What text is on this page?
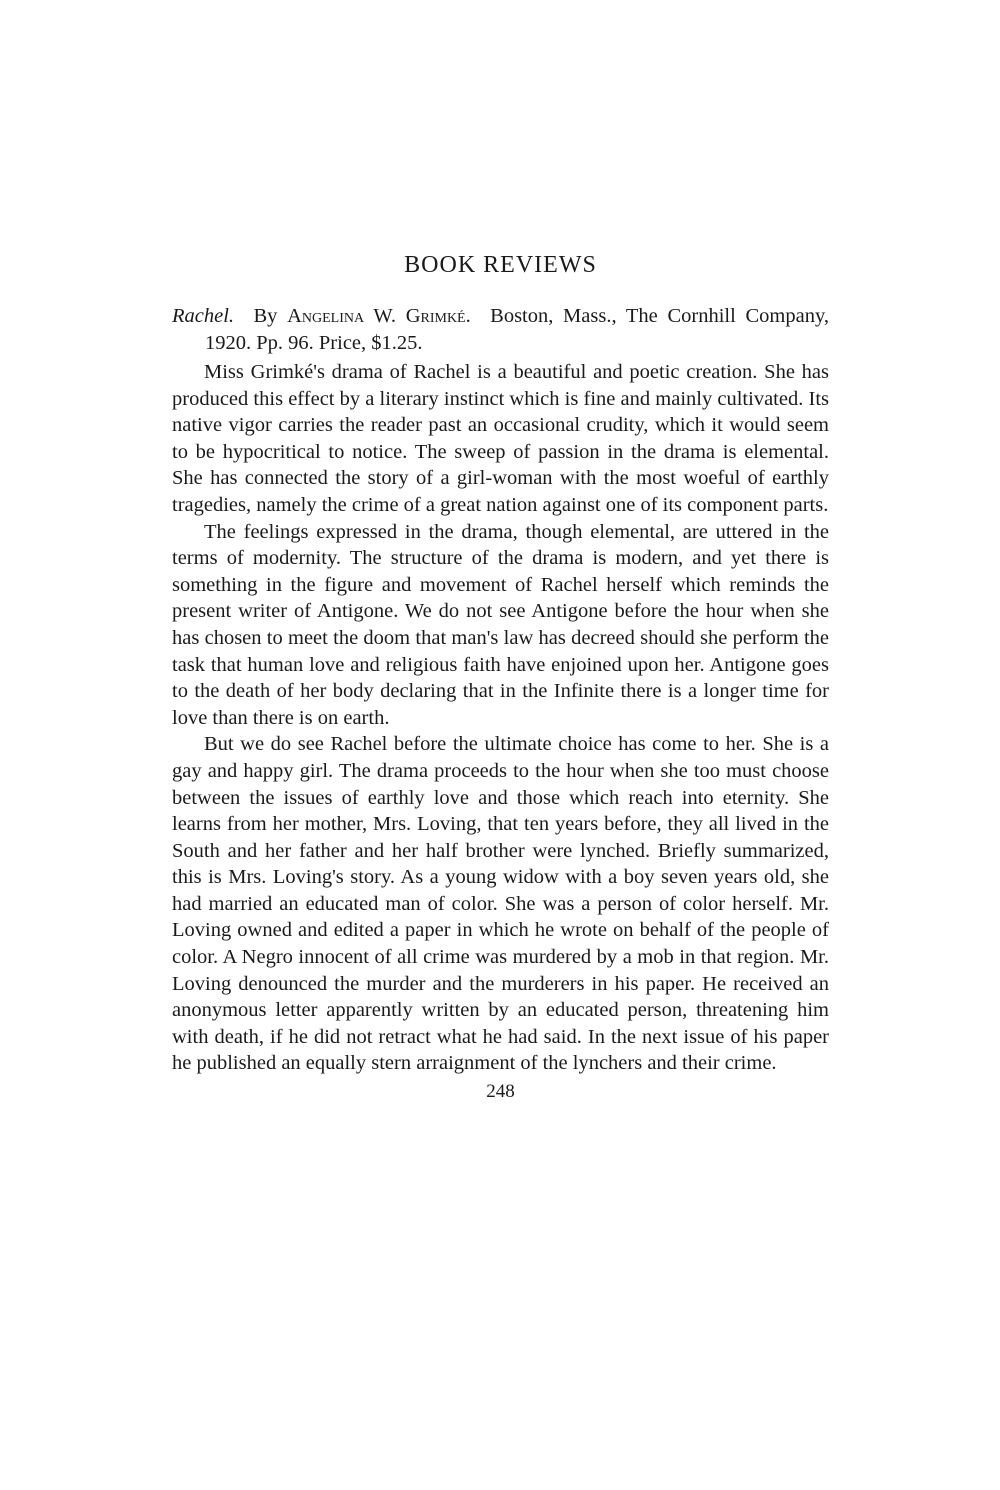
BOOK REVIEWS

Rachel. By Angelina W. Grimké. Boston, Mass., The Cornhill Company, 1920. Pp. 96. Price, $1.25.

Miss Grimké's drama of Rachel is a beautiful and poetic creation. She has produced this effect by a literary instinct which is fine and mainly cultivated. Its native vigor carries the reader past an occasional crudity, which it would seem to be hypocritical to notice. The sweep of passion in the drama is elemental. She has connected the story of a girl-woman with the most woeful of earthly tragedies, namely the crime of a great nation against one of its component parts.

The feelings expressed in the drama, though elemental, are uttered in the terms of modernity. The structure of the drama is modern, and yet there is something in the figure and movement of Rachel herself which reminds the present writer of Antigone. We do not see Antigone before the hour when she has chosen to meet the doom that man's law has decreed should she perform the task that human love and religious faith have enjoined upon her. Antigone goes to the death of her body declaring that in the Infinite there is a longer time for love than there is on earth.

But we do see Rachel before the ultimate choice has come to her. She is a gay and happy girl. The drama proceeds to the hour when she too must choose between the issues of earthly love and those which reach into eternity. She learns from her mother, Mrs. Loving, that ten years before, they all lived in the South and her father and her half brother were lynched. Briefly summarized, this is Mrs. Loving's story. As a young widow with a boy seven years old, she had married an educated man of color. She was a person of color herself. Mr. Loving owned and edited a paper in which he wrote on behalf of the people of color. A Negro innocent of all crime was murdered by a mob in that region. Mr. Loving denounced the murder and the murderers in his paper. He received an anonymous letter apparently written by an educated person, threatening him with death, if he did not retract what he had said. In the next issue of his paper he published an equally stern arraignment of the lynchers and their crime.

248
